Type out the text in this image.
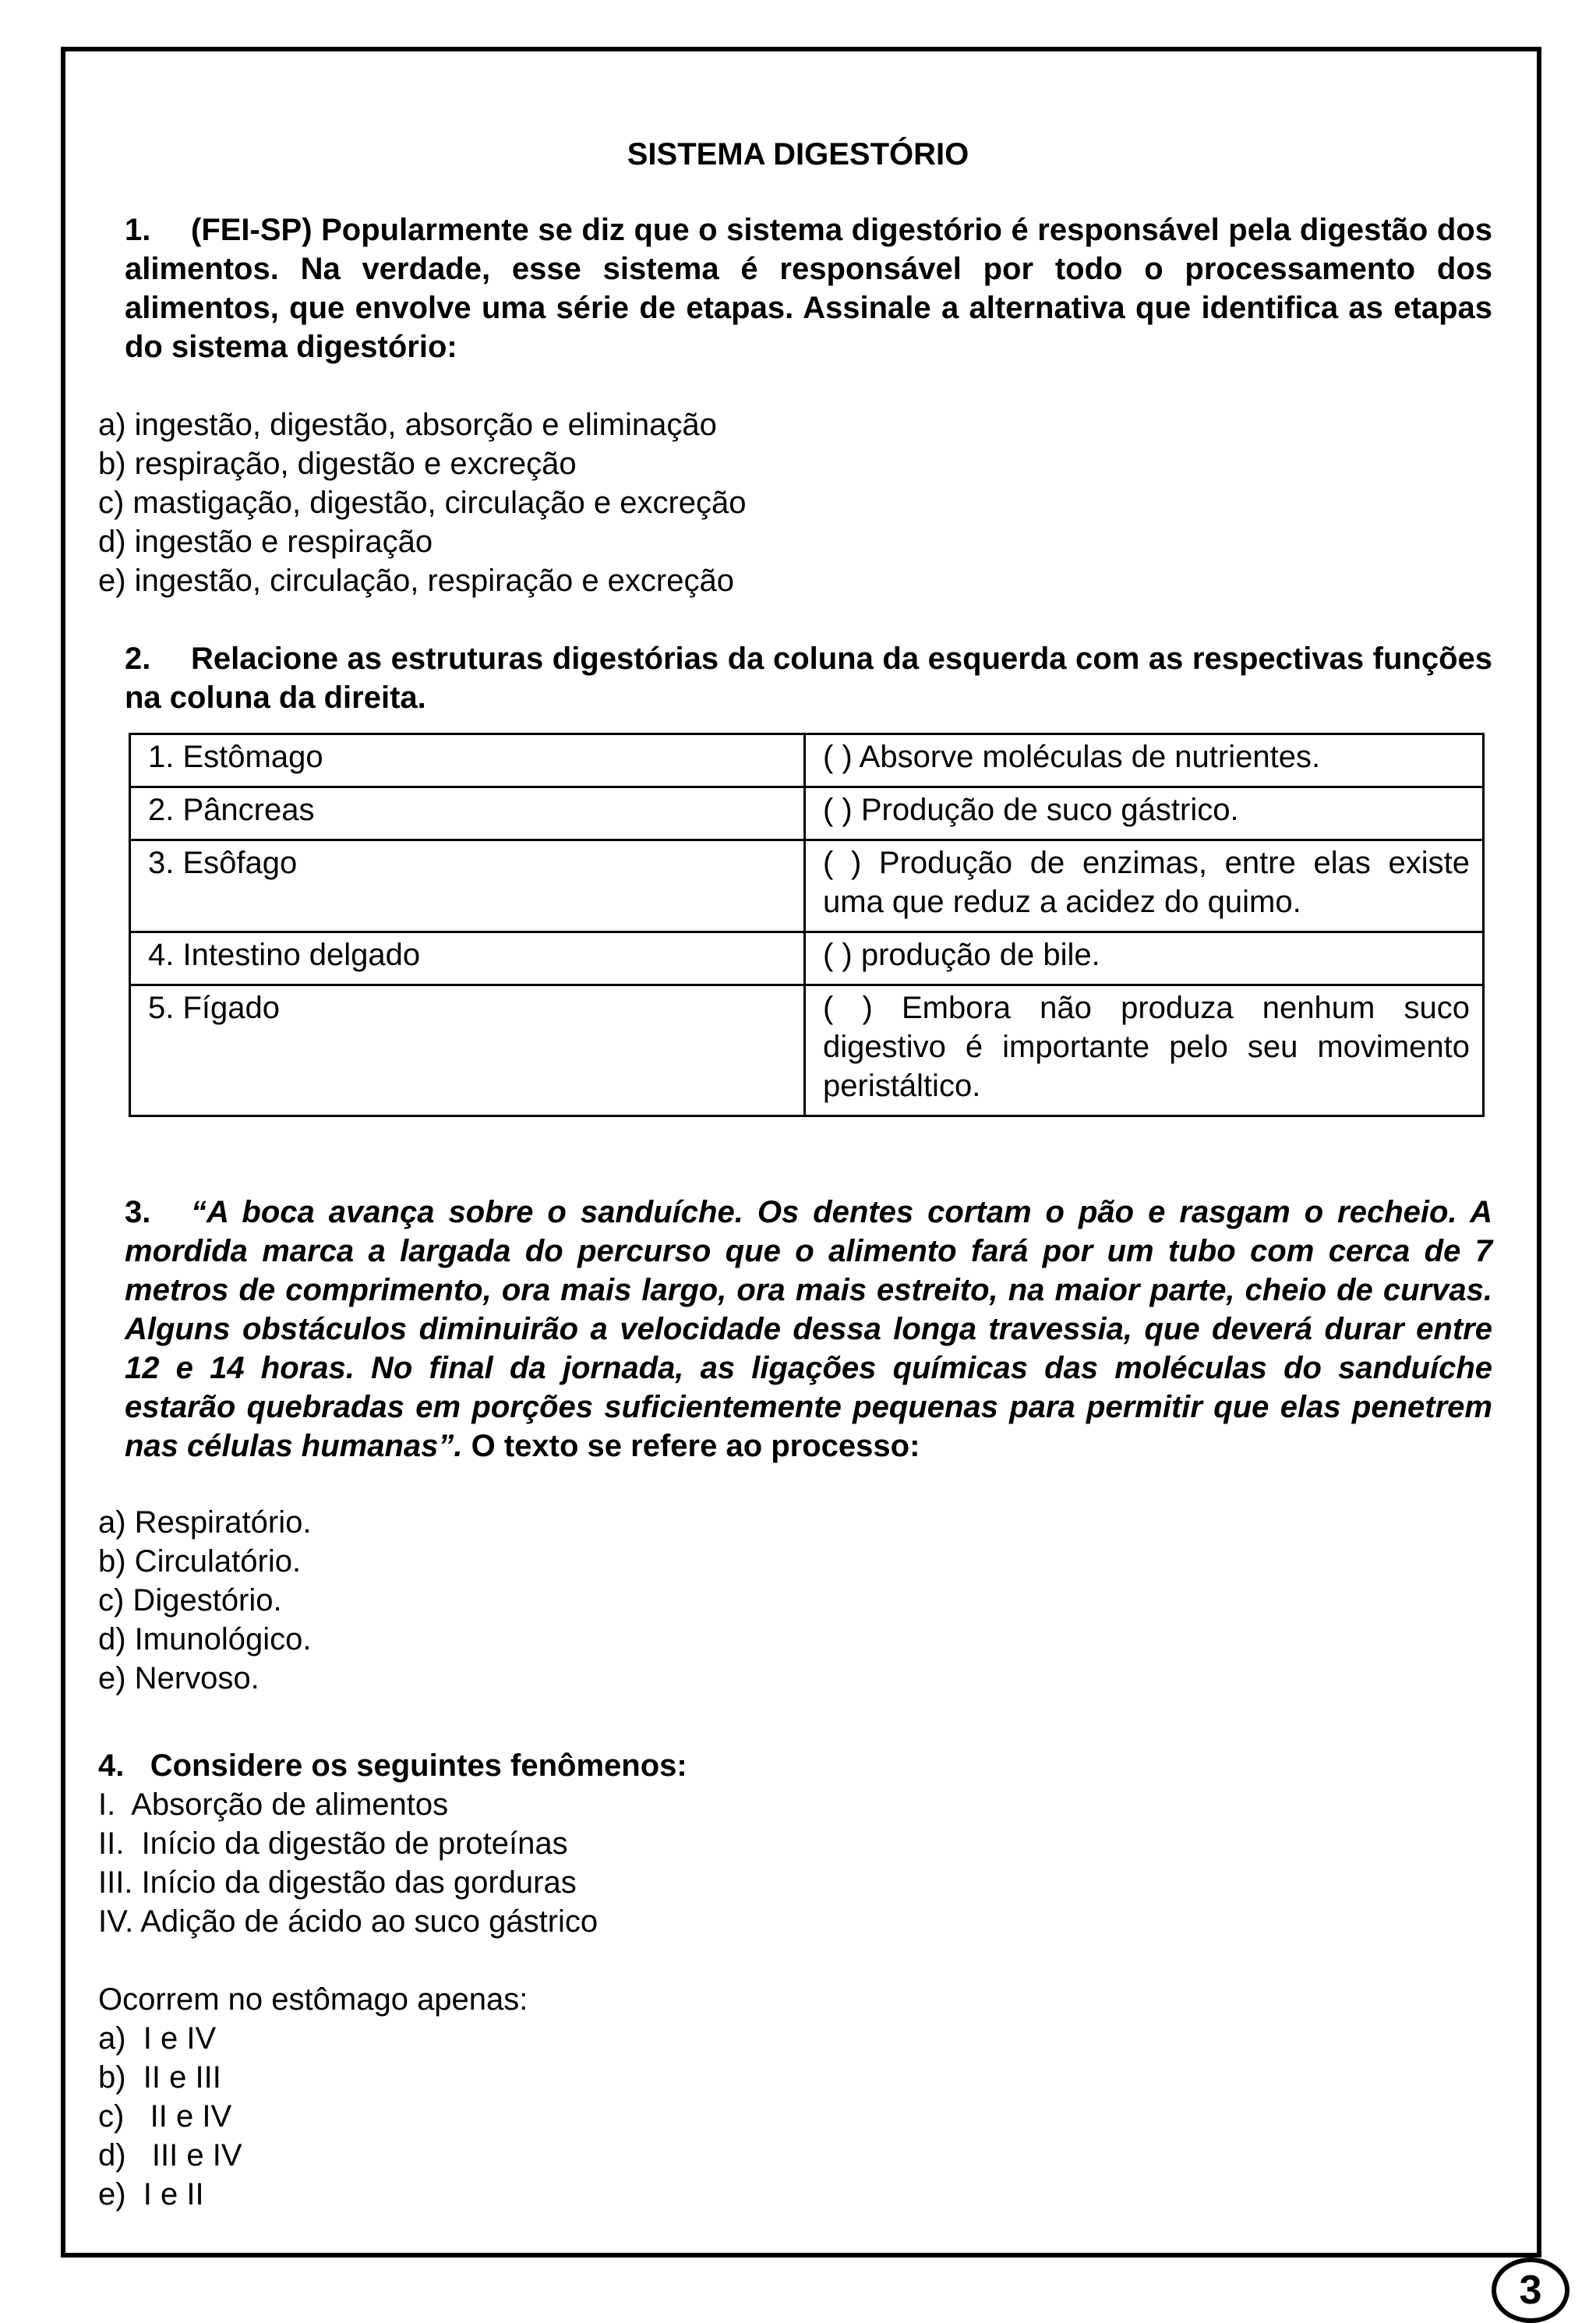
SISTEMA DIGESTÓRIO
1. (FEI-SP) Popularmente se diz que o sistema digestório é responsável pela digestão dos alimentos. Na verdade, esse sistema é responsável por todo o processamento dos alimentos, que envolve uma série de etapas. Assinale a alternativa que identifica as etapas do sistema digestório:
a) ingestão, digestão, absorção e eliminação
b) respiração, digestão e excreção
c) mastigação, digestão, circulação e excreção
d) ingestão e respiração
e) ingestão, circulação, respiração e excreção
2. Relacione as estruturas digestórias da coluna da esquerda com as respectivas funções na coluna da direita.
1. Estômago	( ) Absorve moléculas de nutrientes.
2. Pâncreas	( ) Produção de suco gástrico.
3. Esôfago	( ) Produção de enzimas, entre elas existe uma que reduz a acidez do quimo.
4. Intestino delgado	( ) produção de bile.
5. Fígado	( ) Embora não produza nenhum suco digestivo é importante pelo seu movimento peristáltico.
3. “A boca avança sobre o sanduíche. Os dentes cortam o pão e rasgam o recheio. A mordida marca a largada do percurso que o alimento fará por um tubo com cerca de 7 metros de comprimento, ora mais largo, ora mais estreito, na maior parte, cheio de curvas. Alguns obstáculos diminuirão a velocidade dessa longa travessia, que deverá durar entre 12 e 14 horas. No final da jornada, as ligações químicas das moléculas do sanduíche estarão quebradas em porções suficientemente pequenas para permitir que elas penetrem nas células humanas”. O texto se refere ao processo:
a) Respiratório.
b) Circulatório.
c) Digestório.
d) Imunológico.
e) Nervoso.
4.   Considere os seguintes fenômenos:
I.  Absorção de alimentos
II.  Início da digestão de proteínas
III. Início da digestão das gorduras
IV. Adição de ácido ao suco gástrico
Ocorrem no estômago apenas:
a)  I e IV
b)  II e III
c)   II e IV
d)   III e IV
e)  I e II
3
